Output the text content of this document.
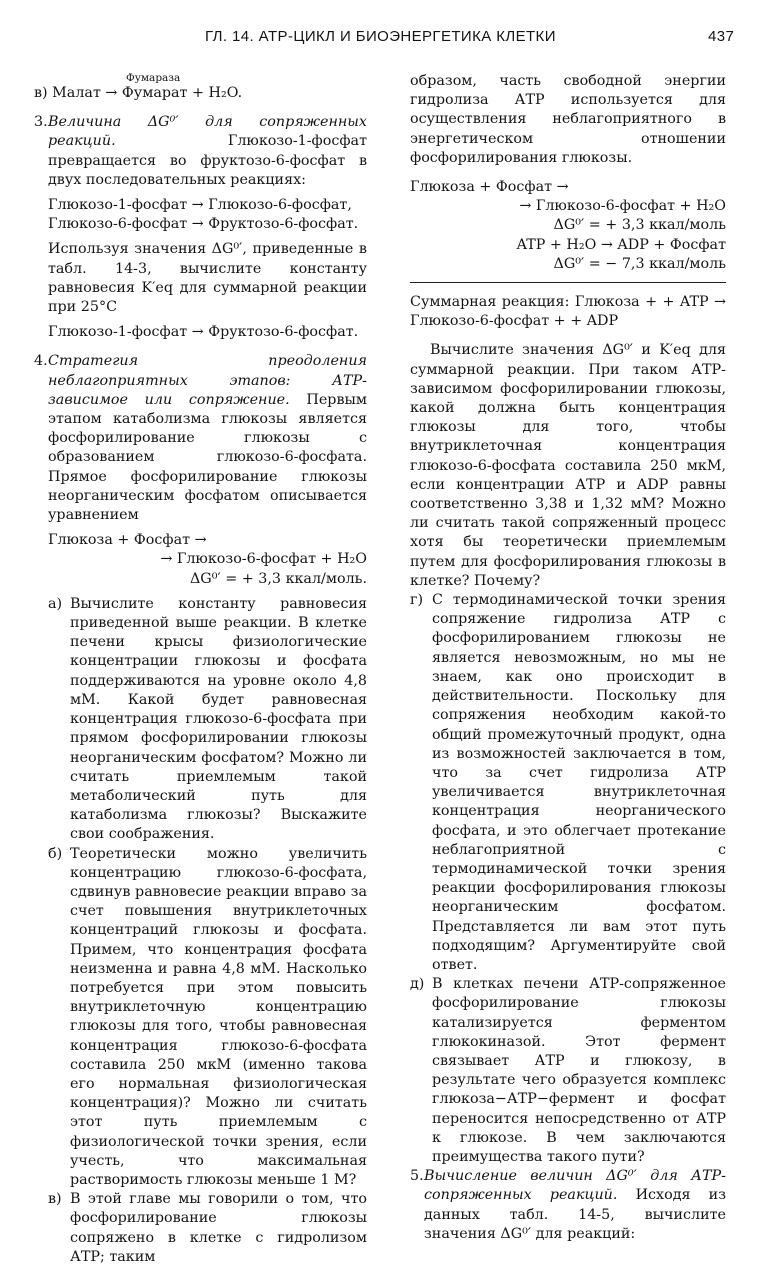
ГЛ. 14. ATP-ЦИКЛ И БИОЭНЕРГЕТИКА КЛЕТКИ	437

Фумараза

в) Малат → Фумарат + H₂O.

3. Величина ΔG⁰′ для сопряженных реакций.	Глюкозо-1-фосфат превращается во фруктозо-6-фосфат в двух последовательных реакциях:

Глюкозо-1-фосфат → Глюкозо-6-фосфат,

Глюкозо-6-фосфат → Фруктозо-6-фосфат.

Используя значения ΔG⁰′, приведенные в табл. 14-3, вычислите константу равновесия K′eq для суммарной реакции при 25°C

Глюкозо-1-фосфат → Фруктозо-6-фосфат.

4. Стратегия преодоления неблагоприятных этапов: АТР-зависимое или сопряжение. Первым этапом катаболизма глюкозы является фосфорилирование глюкозы с образованием глюкозо-6-фосфата. Прямое фосфорилирование глюкозы неорганическим фосфатом описывается уравнением

Глюкоза + Фосфат →

→ Глюкозо-6-фосфат + H₂O

ΔG⁰′ = + 3,3 ккал/моль.

а) Вычислите константу равновесия приведенной выше реакции. В клетке печени крысы физиологические концентрации глюкозы и фосфата поддерживаются на уровне около 4,8 мМ. Какой будет равновесная концентрация глюкозо-6-фосфата при прямом фосфорилировании глюкозы неорганическим фосфатом? Можно ли считать приемлемым такой метаболический путь для катаболизма глюкозы? Выскажите свои соображения.

б) Теоретически можно увеличить концентрацию глюкозо-6-фосфата, сдвинув равновесие реакции вправо за счет повышения внутриклеточных концентраций глюкозы и фосфата. Примем, что концентрация фосфата неизменна и равна 4,8 мМ. Насколько потребуется при этом повысить внутриклеточную концентрацию глюкозы для того, чтобы равновесная концентрация глюкозо-6-фосфата составила 250 мкМ (именно такова его нормальная физиологическая концентрация)? Можно ли считать этот путь приемлемым с физиологической точки зрения, если учесть, что максимальная растворимость глюкозы меньше 1 М?

в) В этой главе мы говорили о том, что фосфорилирование глюкозы сопряжено в клетке с гидролизом АТР; таким

образом, часть свободной энергии гидролиза АТР используется для осуществления неблагоприятного в энергетическом отношении фосфорилирования глюкозы.

Глюкоза + Фосфат →

→ Глюкозо-6-фосфат + H₂O

ΔG⁰′ = + 3,3 ккал/моль

ATP + H₂O → ADP + Фосфат

ΔG⁰′ = − 7,3 ккал/моль

Суммарная реакция: Глюкоза + + ATP → Глюкозо-6-фосфат + + ADP

Вычислите значения ΔG⁰′ и K′eq для суммарной реакции. При таком АТР-зависимом фосфорилировании глюкозы, какой должна быть концентрация глюкозы для того, чтобы внутриклеточная концентрация глюкозо-6-фосфата составила 250 мкМ, если концентрации АТР и ADP равны соответственно 3,38 и 1,32 мМ? Можно ли считать такой сопряженный процесс хотя бы теоретически приемлемым путем для фосфорилирования глюкозы в клетке? Почему?

г) С термодинамической точки зрения сопряжение гидролиза АТР с фосфорилированием глюкозы не является невозможным, но мы не знаем, как оно происходит в действительности. Поскольку для сопряжения необходим какой-то общий промежуточный продукт, одна из возможностей заключается в том, что за счет гидролиза АТР увеличивается внутриклеточная концентрация неорганического фосфата, и это облегчает протекание неблагоприятной с термодинамической точки зрения реакции фосфорилирования глюкозы неорганическим фосфатом. Представляется ли вам этот путь подходящим? Аргументируйте свой ответ.

д) В клетках печени АТР-сопряженное фосфорилирование глюкозы катализируется ферментом глюкокиназой. Этот фермент связывает АТР и глюкозу, в результате чего образуется комплекс глюкоза−АТР−фермент и фосфат переносится непосредственно от АТР к глюкозе. В чем заключаются преимущества такого пути?

5. Вычисление величин ΔG⁰′ для АТР-сопряженных реакций. Исходя из данных табл. 14-5, вычислите значения ΔG⁰′ для реакций:
